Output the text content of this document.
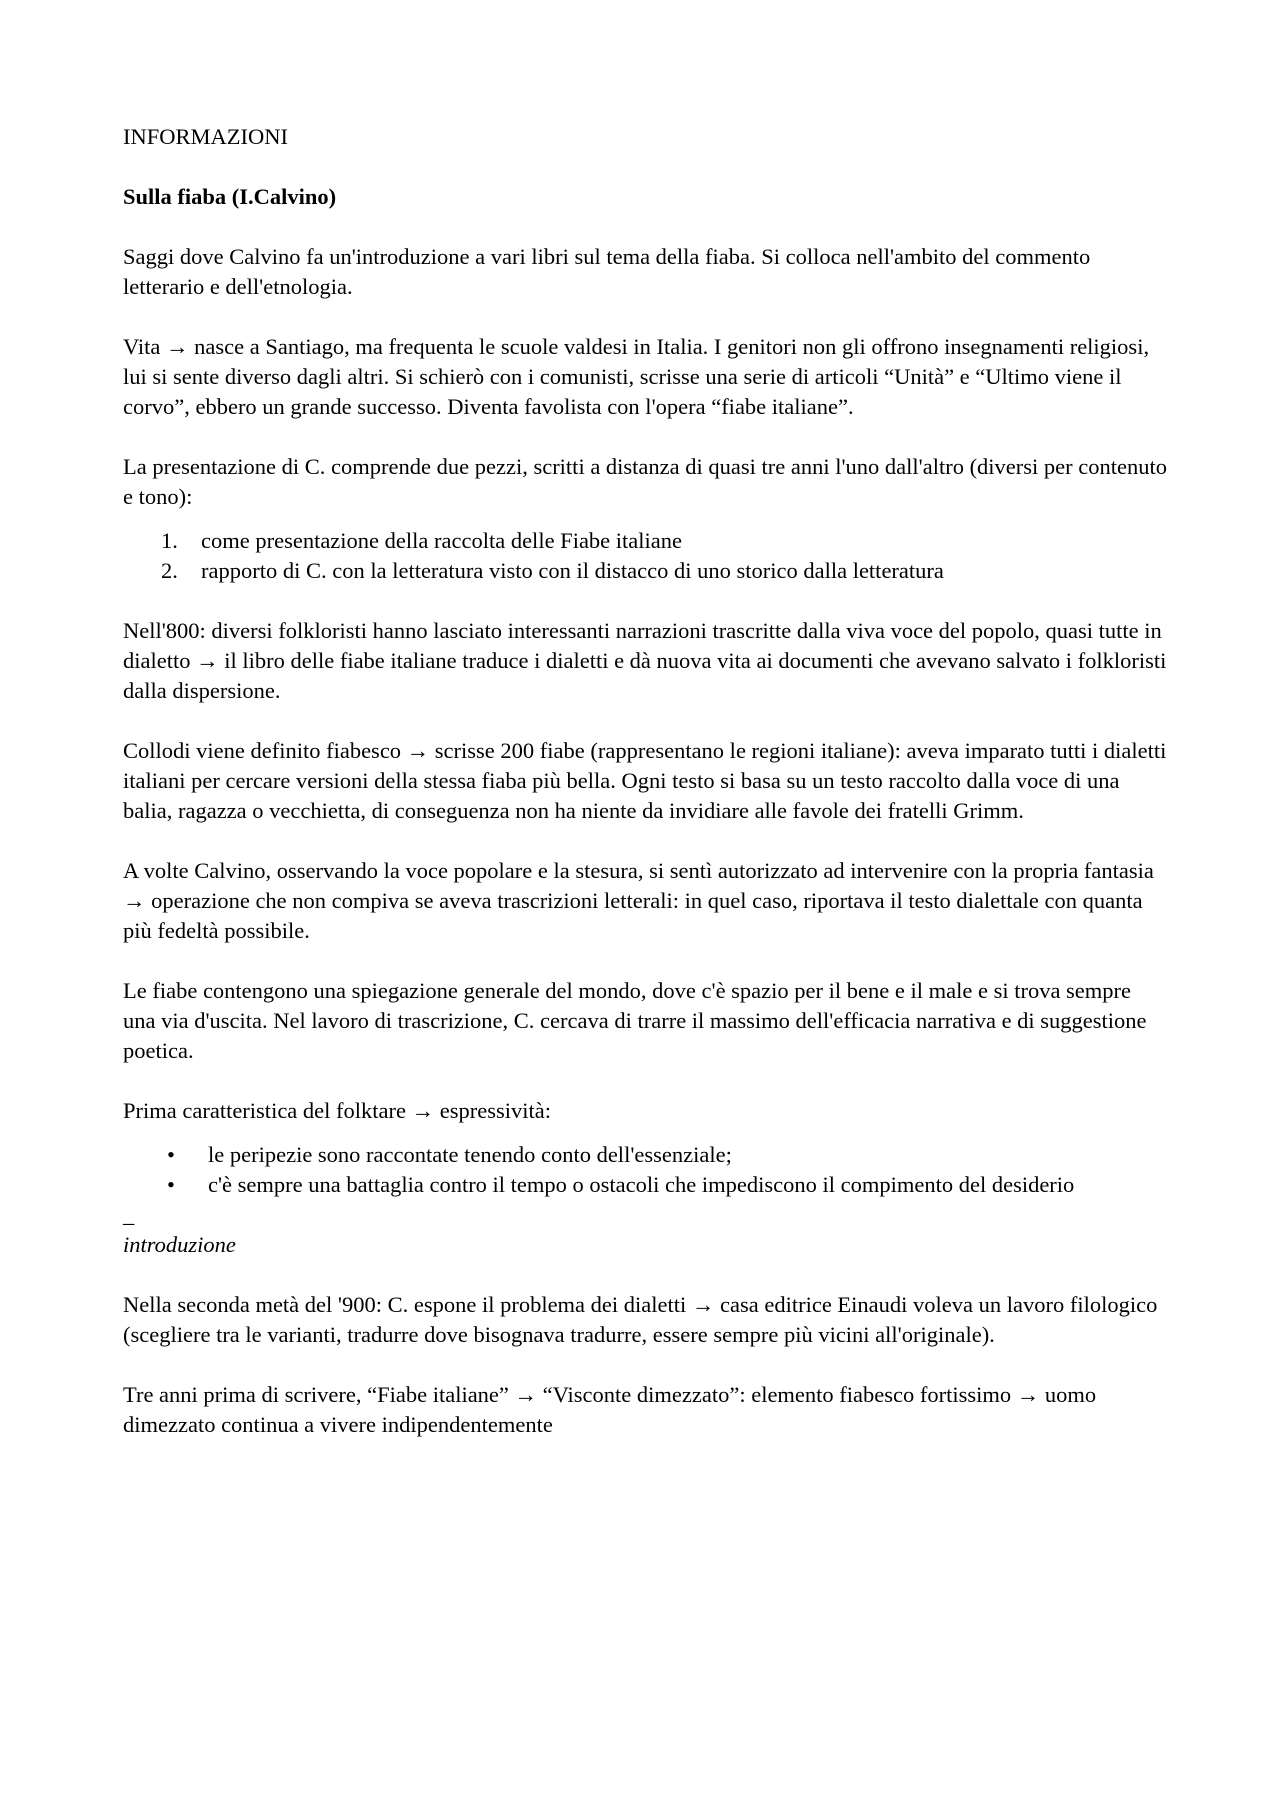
INFORMAZIONI

Sulla fiaba (I.Calvino)

Saggi dove Calvino fa un'introduzione a vari libri sul tema della fiaba. Si colloca nell'ambito del commento letterario e dell'etnologia.

Vita → nasce a Santiago, ma frequenta le scuole valdesi in Italia. I genitori non gli offrono insegnamenti religiosi, lui si sente diverso dagli altri. Si schierò con i comunisti, scrisse una serie di articoli “Unità” e “Ultimo viene il corvo”, ebbero un grande successo. Diventa favolista con l'opera “fiabe italiane”.

La presentazione di C. comprende due pezzi, scritti a distanza di quasi tre anni l'uno dall'altro (diversi per contenuto e tono):

1. come presentazione della raccolta delle Fiabe italiane
2. rapporto di C. con la letteratura visto con il distacco di uno storico dalla letteratura

Nell'800: diversi folkloristi hanno lasciato interessanti narrazioni trascritte dalla viva voce del popolo, quasi tutte in dialetto → il libro delle fiabe italiane traduce i dialetti e dà nuova vita ai documenti che avevano salvato i folkloristi dalla dispersione.

Collodi viene definito fiabesco → scrisse 200 fiabe (rappresentano le regioni italiane): aveva imparato tutti i dialetti italiani per cercare versioni della stessa fiaba più bella. Ogni testo si basa su un testo raccolto dalla voce di una balia, ragazza o vecchietta, di conseguenza non ha niente da invidiare alle favole dei fratelli Grimm.

A volte Calvino, osservando la voce popolare e la stesura, si sentì autorizzato ad intervenire con la propria fantasia → operazione che non compiva se aveva trascrizioni letterali: in quel caso, riportava il testo dialettale con quanta più fedeltà possibile.

Le fiabe contengono una spiegazione generale del mondo, dove c'è spazio per il bene e il male e si trova sempre una via d'uscita. Nel lavoro di trascrizione, C. cercava di trarre il massimo dell'efficacia narrativa e di suggestione poetica.

Prima caratteristica del folktare → espressività:

• le peripezie sono raccontate tenendo conto dell'essenziale;
• c'è sempre una battaglia contro il tempo o ostacoli che impediscono il compimento del desiderio
_

introduzione

Nella seconda metà del '900: C. espone il problema dei dialetti → casa editrice Einaudi voleva un lavoro filologico (scegliere tra le varianti, tradurre dove bisognava tradurre, essere sempre più vicini all'originale).

Tre anni prima di scrivere, “Fiabe italiane” → “Visconte dimezzato”: elemento fiabesco fortissimo → uomo dimezzato continua a vivere indipendentemente
